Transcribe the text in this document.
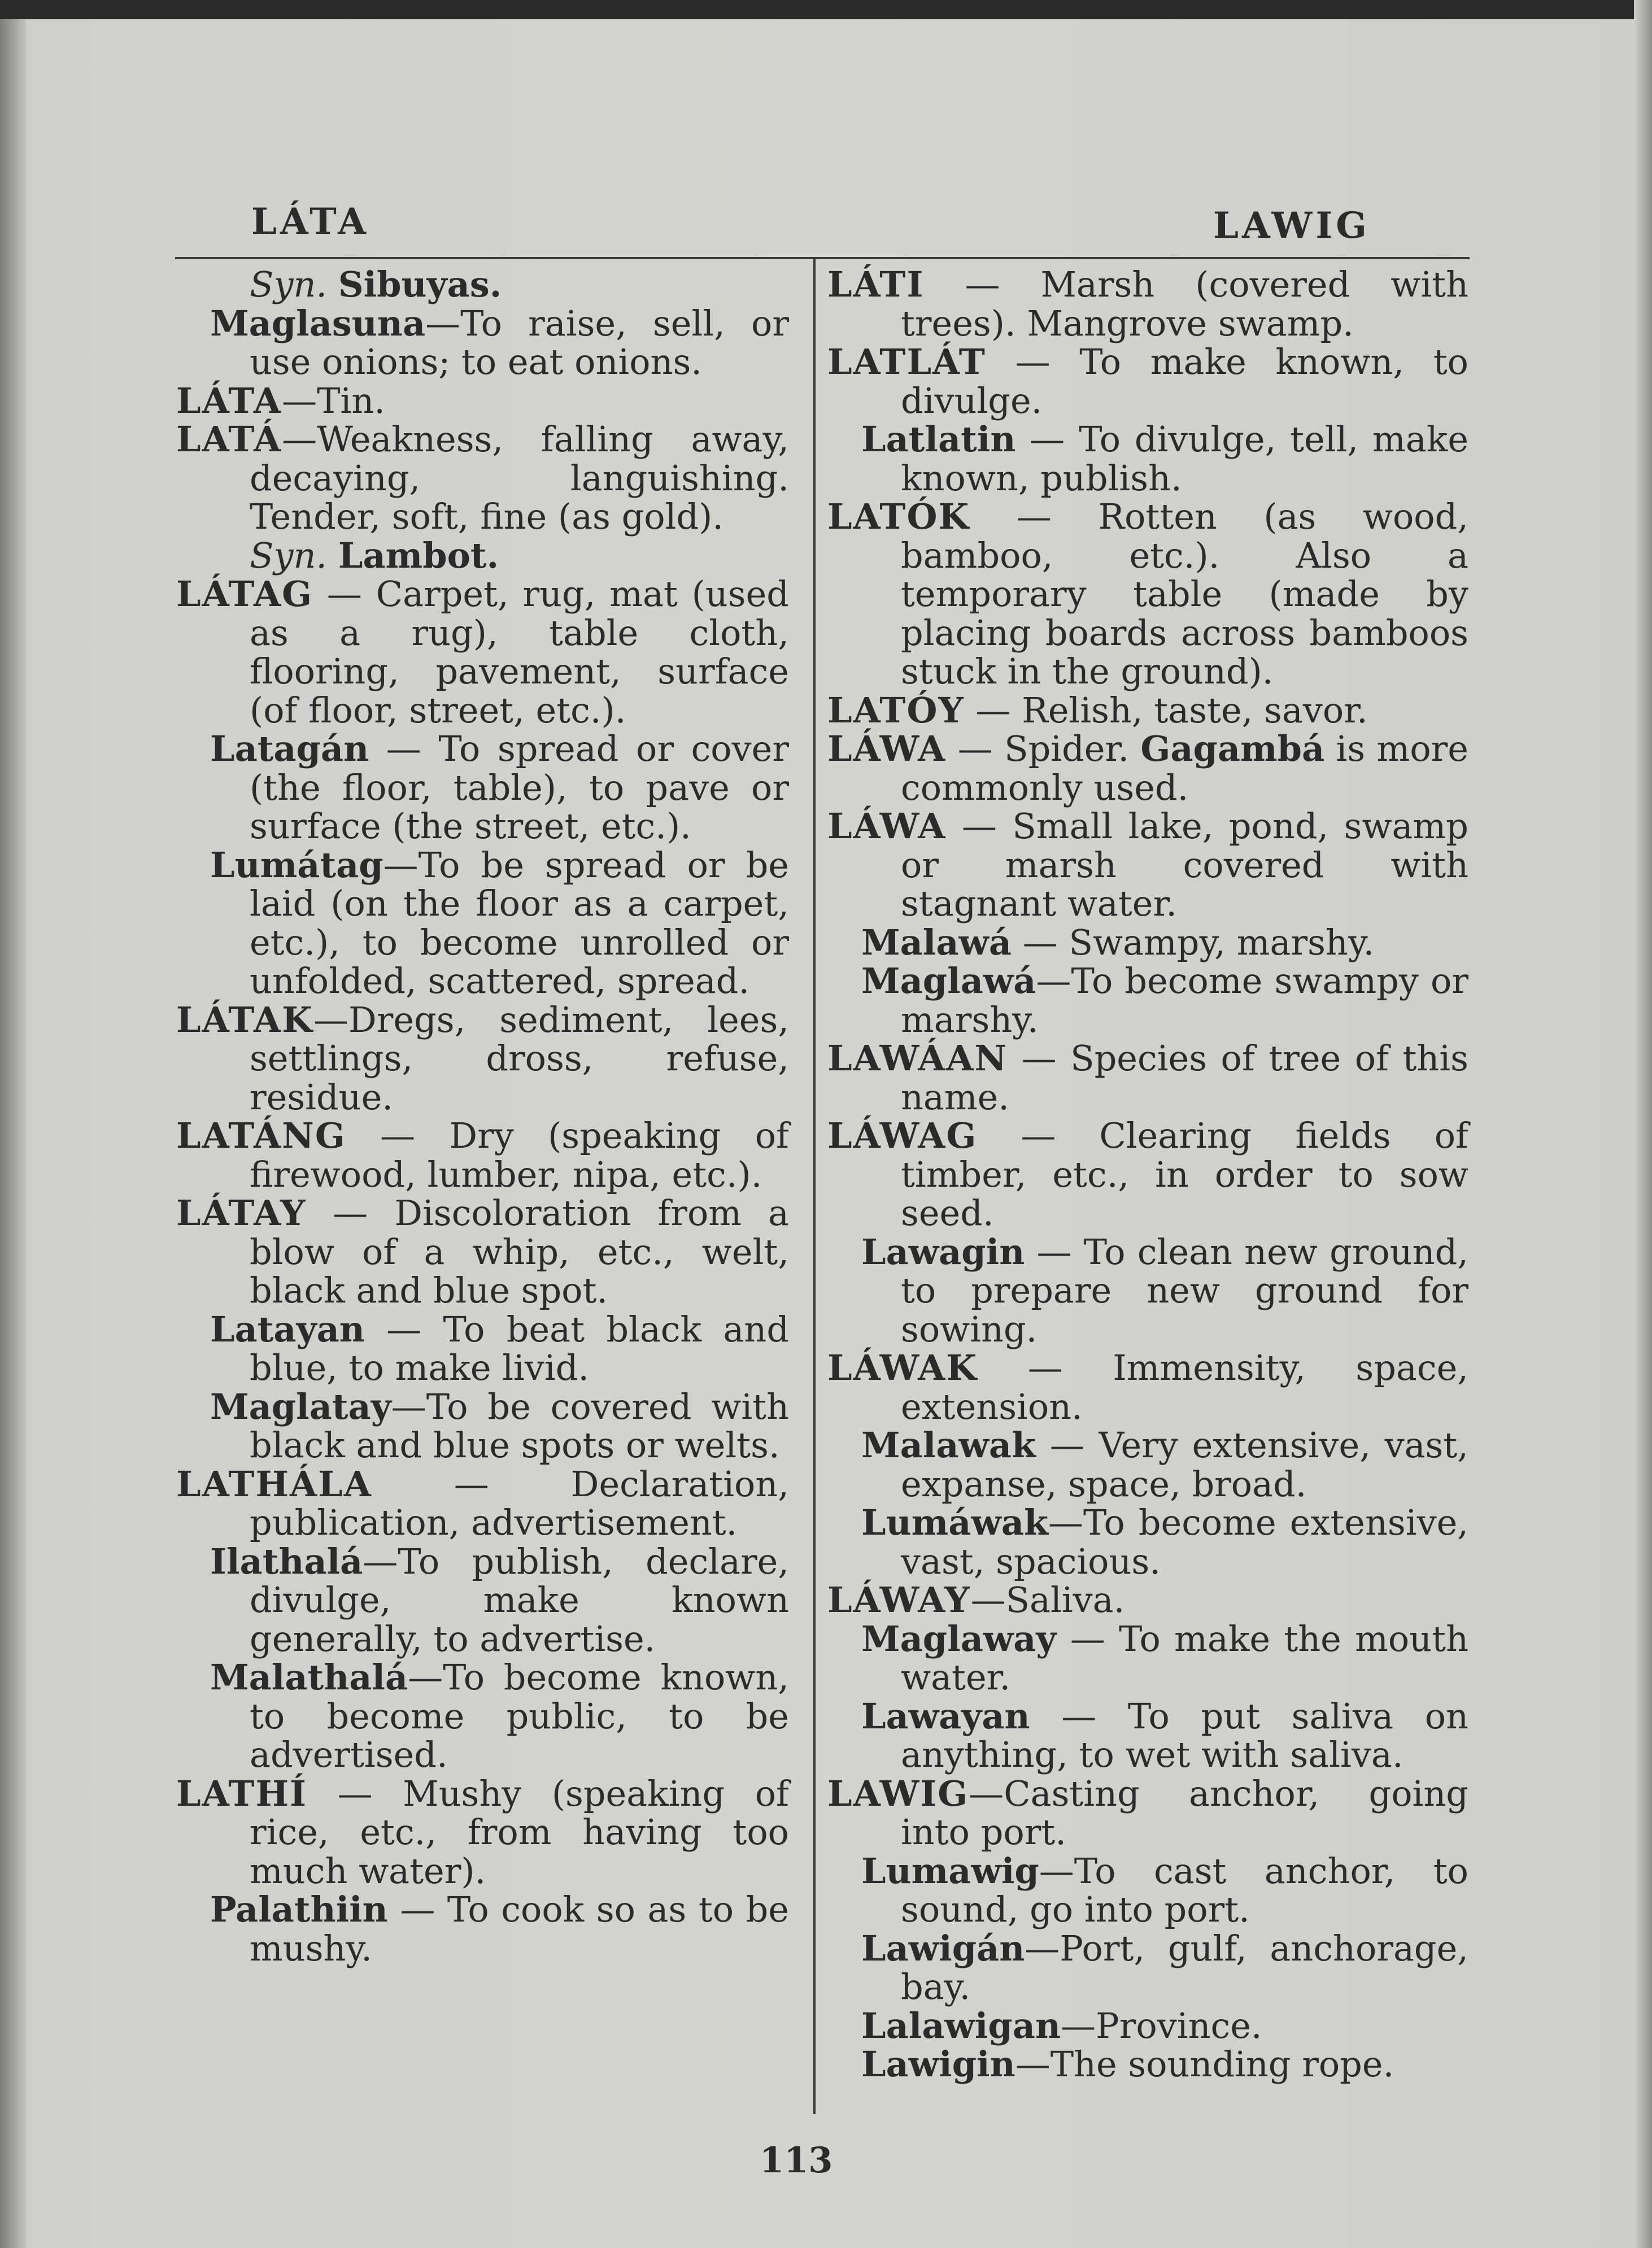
LÁTA	LAWIG

Syn. Sibuyas.

Maglasuna—To raise, sell, or use onions; to eat onions.

LÁTA—Tin.

LATÁ—Weakness, falling away, decaying, languishing. Tender, soft, fine (as gold).

Syn. Lambot.

LÁTAG — Carpet, rug, mat (used as a rug), table cloth, flooring, pavement, surface (of floor, street, etc.).

Latagán — To spread or cover (the floor, table), to pave or surface (the street, etc.).

Lumátag—To be spread or be laid (on the floor as a carpet, etc.), to become unrolled or unfolded, scattered, spread.

LÁTAK—Dregs, sediment, lees, settlings, dross, refuse, residue.

LATÁNG — Dry (speaking of firewood, lumber, nipa, etc.).

LÁTAY — Discoloration from a blow of a whip, etc., welt, black and blue spot.

Latayan — To beat black and blue, to make livid.

Maglatay—To be covered with black and blue spots or welts.

LATHÁLA — Declaration, publication, advertisement.

Ilathalá—To publish, declare, divulge, make known generally, to advertise.

Malathalá—To become known, to become public, to be advertised.

LATHÍ — Mushy (speaking of rice, etc., from having too much water).

Palathiin — To cook so as to be mushy.

LÁTI — Marsh (covered with trees). Mangrove swamp.

LATLÁT — To make known, to divulge.

Latlatin — To divulge, tell, make known, publish.

LATÓK — Rotten (as wood, bamboo, etc.). Also a temporary table (made by placing boards across bamboos stuck in the ground).

LATÓY — Relish, taste, savor.

LÁWA — Spider. Gagambá is more commonly used.

LÁWA — Small lake, pond, swamp or marsh covered with stagnant water.

Malawá — Swampy, marshy.

Maglawá—To become swampy or marshy.

LAWÁAN — Species of tree of this name.

LÁWAG — Clearing fields of timber, etc., in order to sow seed.

Lawagin — To clean new ground, to prepare new ground for sowing.

LÁWAK — Immensity, space, extension.

Malawak — Very extensive, vast, expanse, space, broad.

Lumáwak—To become extensive, vast, spacious.

LÁWAY—Saliva.

Maglaway — To make the mouth water.

Lawayan — To put saliva on anything, to wet with saliva.

LAWIG—Casting anchor, going into port.

Lumawig—To cast anchor, to sound, go into port.

Lawigán—Port, gulf, anchorage, bay.

Lalawigan—Province.

Lawigin—The sounding rope.

113
